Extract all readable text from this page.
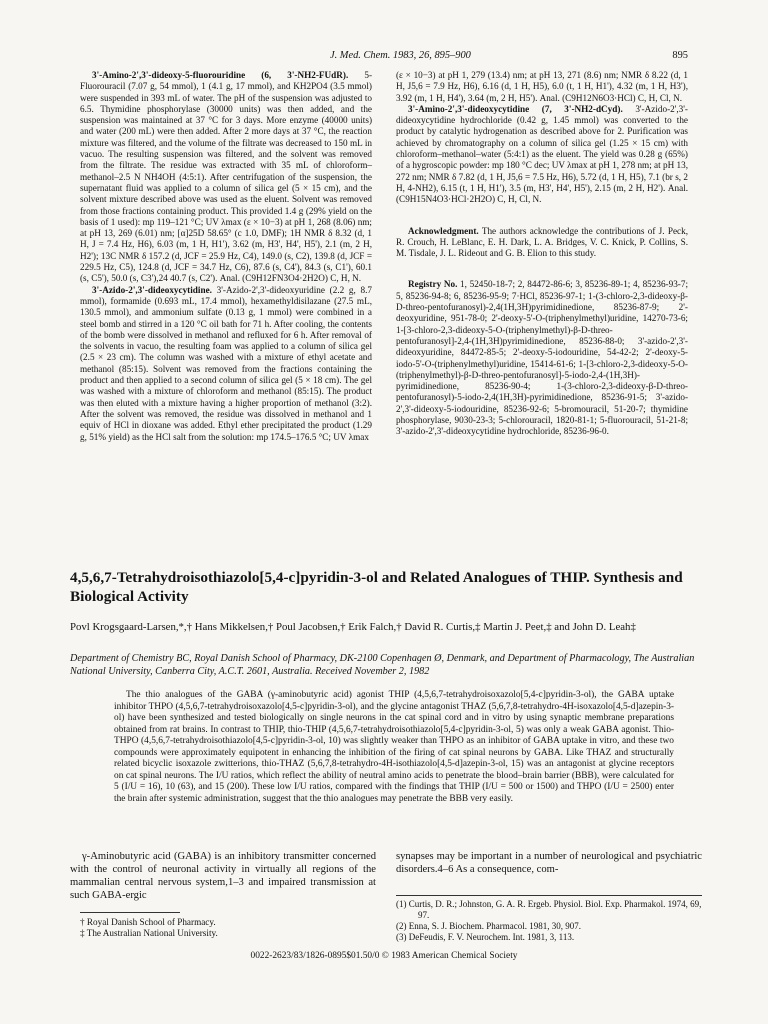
J. Med. Chem. 1983, 26, 895–900	895

3'-Amino-2',3'-dideoxy-5-fluorouridine (6, 3'-NH2-FUdR). 5-Fluorouracil (7.07 g, 54 mmol), 1 (4.1 g, 17 mmol), and KH2PO4 (3.5 mmol) were suspended in 393 mL of water. The pH of the suspension was adjusted to 6.5. Thymidine phosphorylase (30000 units) was then added, and the suspension was maintained at 37 °C for 3 days. More enzyme (40000 units) and water (200 mL) were then added. After 2 more days at 37 °C, the reaction mixture was filtered, and the volume of the filtrate was decreased to 150 mL in vacuo. The resulting suspension was filtered, and the solvent was removed from the filtrate. The residue was extracted with 35 mL of chloroform–methanol–2.5 N NH4OH (4:5:1). After centrifugation of the suspension, the supernatant fluid was applied to a column of silica gel (5 × 15 cm), and the solvent mixture described above was used as the eluent. Solvent was removed from those fractions containing product. This provided 1.4 g (29% yield on the basis of 1 used): mp 119–121 °C; UV λmax (ε × 10−3) at pH 1, 268 (8.06) nm; at pH 13, 269 (6.01) nm; [α]25D 58.65° (c 1.0, DMF); 1H NMR δ 8.32 (d, 1 H, J = 7.4 Hz, H6), 6.03 (m, 1 H, H1'), 3.62 (m, H3', H4', H5'), 2.1 (m, 2 H, H2'); 13C NMR δ 157.2 (d, JCF = 25.9 Hz, C4), 149.0 (s, C2), 139.8 (d, JCF = 229.5 Hz, C5), 124.8 (d, JCF = 34.7 Hz, C6), 87.6 (s, C4'), 84.3 (s, C1'), 60.1 (s, C5'), 50.0 (s, C3'),24 40.7 (s, C2'). Anal. (C9H12FN3O4·2H2O) C, H, N.

3'-Azido-2',3'-dideoxycytidine. 3'-Azido-2',3'-dideoxyuridine (2.2 g, 8.7 mmol), formamide (0.693 mL, 17.4 mmol), hexamethyldisilazane (27.5 mL, 130.5 mmol), and ammonium sulfate (0.13 g, 1 mmol) were combined in a steel bomb and stirred in a 120 °C oil bath for 71 h. After cooling, the contents of the bomb were dissolved in methanol and refluxed for 6 h. After removal of the solvents in vacuo, the resulting foam was applied to a column of silica gel (2.5 × 23 cm). The column was washed with a mixture of ethyl acetate and methanol (85:15). Solvent was removed from the fractions containing the product and then applied to a second column of silica gel (5 × 18 cm). The gel was washed with a mixture of chloroform and methanol (85:15). The product was then eluted with a mixture having a higher proportion of methanol (3:2). After the solvent was removed, the residue was dissolved in methanol and 1 equiv of HCl in dioxane was added. Ethyl ether precipitated the product (1.29 g, 51% yield) as the HCl salt from the solution: mp 174.5–176.5 °C; UV λmax

(ε × 10−3) at pH 1, 279 (13.4) nm; at pH 13, 271 (8.6) nm; NMR δ 8.22 (d, 1 H, J5,6 = 7.9 Hz, H6), 6.16 (d, 1 H, H5), 6.0 (t, 1 H, H1'), 4.32 (m, 1 H, H3'), 3.92 (m, 1 H, H4'), 3.64 (m, 2 H, H5'). Anal. (C9H12N6O3·HCl) C, H, Cl, N.

3'-Amino-2',3'-dideoxycytidine (7, 3'-NH2-dCyd). 3'-Azido-2',3'-dideoxycytidine hydrochloride (0.42 g, 1.45 mmol) was converted to the product by catalytic hydrogenation as described above for 2. Purification was achieved by chromatography on a column of silica gel (1.25 × 15 cm) with chloroform–methanol–water (5:4:1) as the eluent. The yield was 0.28 g (65%) of a hygroscopic powder: mp 180 °C dec; UV λmax at pH 1, 278 nm; at pH 13, 272 nm; NMR δ 7.82 (d, 1 H, J5,6 = 7.5 Hz, H6), 5.72 (d, 1 H, H5), 7.1 (br s, 2 H, 4-NH2), 6.15 (t, 1 H, H1'), 3.5 (m, H3', H4', H5'), 2.15 (m, 2 H, H2'). Anal. (C9H15N4O3·HCl·2H2O) C, H, Cl, N.

Acknowledgment. The authors acknowledge the contributions of J. Peck, R. Crouch, H. LeBlanc, E. H. Dark, L. A. Bridges, V. C. Knick, P. Collins, S. M. Tisdale, J. L. Rideout and G. B. Elion to this study.

Registry No. 1, 52450-18-7; 2, 84472-86-6; 3, 85236-89-1; 4, 85236-93-7; 5, 85236-94-8; 6, 85236-95-9; 7·HCl, 85236-97-1; 1-(3-chloro-2,3-dideoxy-β-D-threo-pentofuranosyl)-2,4(1H,3H)pyrimidinedione, 85236-87-9; 2'-deoxyuridine, 951-78-0; 2'-deoxy-5'-O-(triphenylmethyl)uridine, 14270-73-6; 1-[3-chloro-2,3-dideoxy-5-O-(triphenylmethyl)-β-D-threo-pentofuranosyl]-2,4-(1H,3H)pyrimidinedione, 85236-88-0; 3'-azido-2',3'-dideoxyuridine, 84472-85-5; 2'-deoxy-5-iodouridine, 54-42-2; 2'-deoxy-5-iodo-5'-O-(triphenylmethyl)uridine, 15414-61-6; 1-[3-chloro-2,3-dideoxy-5-O-(triphenylmethyl)-β-D-threo-pentofuranosyl]-5-iodo-2,4-(1H,3H)-pyrimidinedione, 85236-90-4; 1-(3-chloro-2,3-dideoxy-β-D-threo-pentofuranosyl)-5-iodo-2,4(1H,3H)-pyrimidinedione, 85236-91-5; 3'-azido-2',3'-dideoxy-5-iodouridine, 85236-92-6; 5-bromouracil, 51-20-7; thymidine phosphorylase, 9030-23-3; 5-chlorouracil, 1820-81-1; 5-fluorouracil, 51-21-8; 3'-azido-2',3'-dideoxycytidine hydrochloride, 85236-96-0.

4,5,6,7-Tetrahydroisothiazolo[5,4-c]pyridin-3-ol and Related Analogues of THIP. Synthesis and Biological Activity
Povl Krogsgaard-Larsen,*,† Hans Mikkelsen,† Poul Jacobsen,† Erik Falch,† David R. Curtis,‡ Martin J. Peet,‡ and John D. Leah‡
Department of Chemistry BC, Royal Danish School of Pharmacy, DK-2100 Copenhagen Ø, Denmark, and Department of Pharmacology, The Australian National University, Canberra City, A.C.T. 2601, Australia. Received November 2, 1982
The thio analogues of the GABA (γ-aminobutyric acid) agonist THIP (4,5,6,7-tetrahydroisoxazolo[5,4-c]pyridin-3-ol), the GABA uptake inhibitor THPO (4,5,6,7-tetrahydroisoxazolo[4,5-c]pyridin-3-ol), and the glycine antagonist THAZ (5,6,7,8-tetrahydro-4H-isoxazolo[4,5-d]azepin-3-ol) have been synthesized and tested biologically on single neurons in the cat spinal cord and in vitro by using synaptic membrane preparations obtained from rat brains. In contrast to THIP, thio-THIP (4,5,6,7-tetrahydroisothiazolo[5,4-c]pyridin-3-ol, 5) was only a weak GABA agonist. Thio-THPO (4,5,6,7-tetrahydroisothiazolo[4,5-c]pyridin-3-ol, 10) was slightly weaker than THPO as an inhibitor of GABA uptake in vitro, and these two compounds were approximately equipotent in enhancing the inhibition of the firing of cat spinal neurons by GABA. Like THAZ and structurally related bicyclic isoxazole zwitterions, thio-THAZ (5,6,7,8-tetrahydro-4H-isothiazolo[4,5-d]azepin-3-ol, 15) was an antagonist at glycine receptors on cat spinal neurons. The I/U ratios, which reflect the ability of neutral amino acids to penetrate the blood–brain barrier (BBB), were calculated for 5 (I/U = 16), 10 (63), and 15 (200). These low I/U ratios, compared with the findings that THIP (I/U = 500 or 1500) and THPO (I/U = 2500) enter the brain after systemic administration, suggest that the thio analogues may penetrate the BBB very easily.
γ-Aminobutyric acid (GABA) is an inhibitory transmitter concerned with the control of neuronal activity in virtually all regions of the mammalian central nervous system,1–3 and impaired transmission at such GABA-ergic
synapses may be important in a number of neurological and psychiatric disorders.4–6 As a consequence, com-
† Royal Danish School of Pharmacy.
‡ The Australian National University.
(1) Curtis, D. R.; Johnston, G. A. R. Ergeb. Physiol. Biol. Exp. Pharmakol. 1974, 69, 97.
(2) Enna, S. J. Biochem. Pharmacol. 1981, 30, 907.
(3) DeFeudis, F. V. Neurochem. Int. 1981, 3, 113.
0022-2623/83/1826-0895$01.50/0 © 1983 American Chemical Society
